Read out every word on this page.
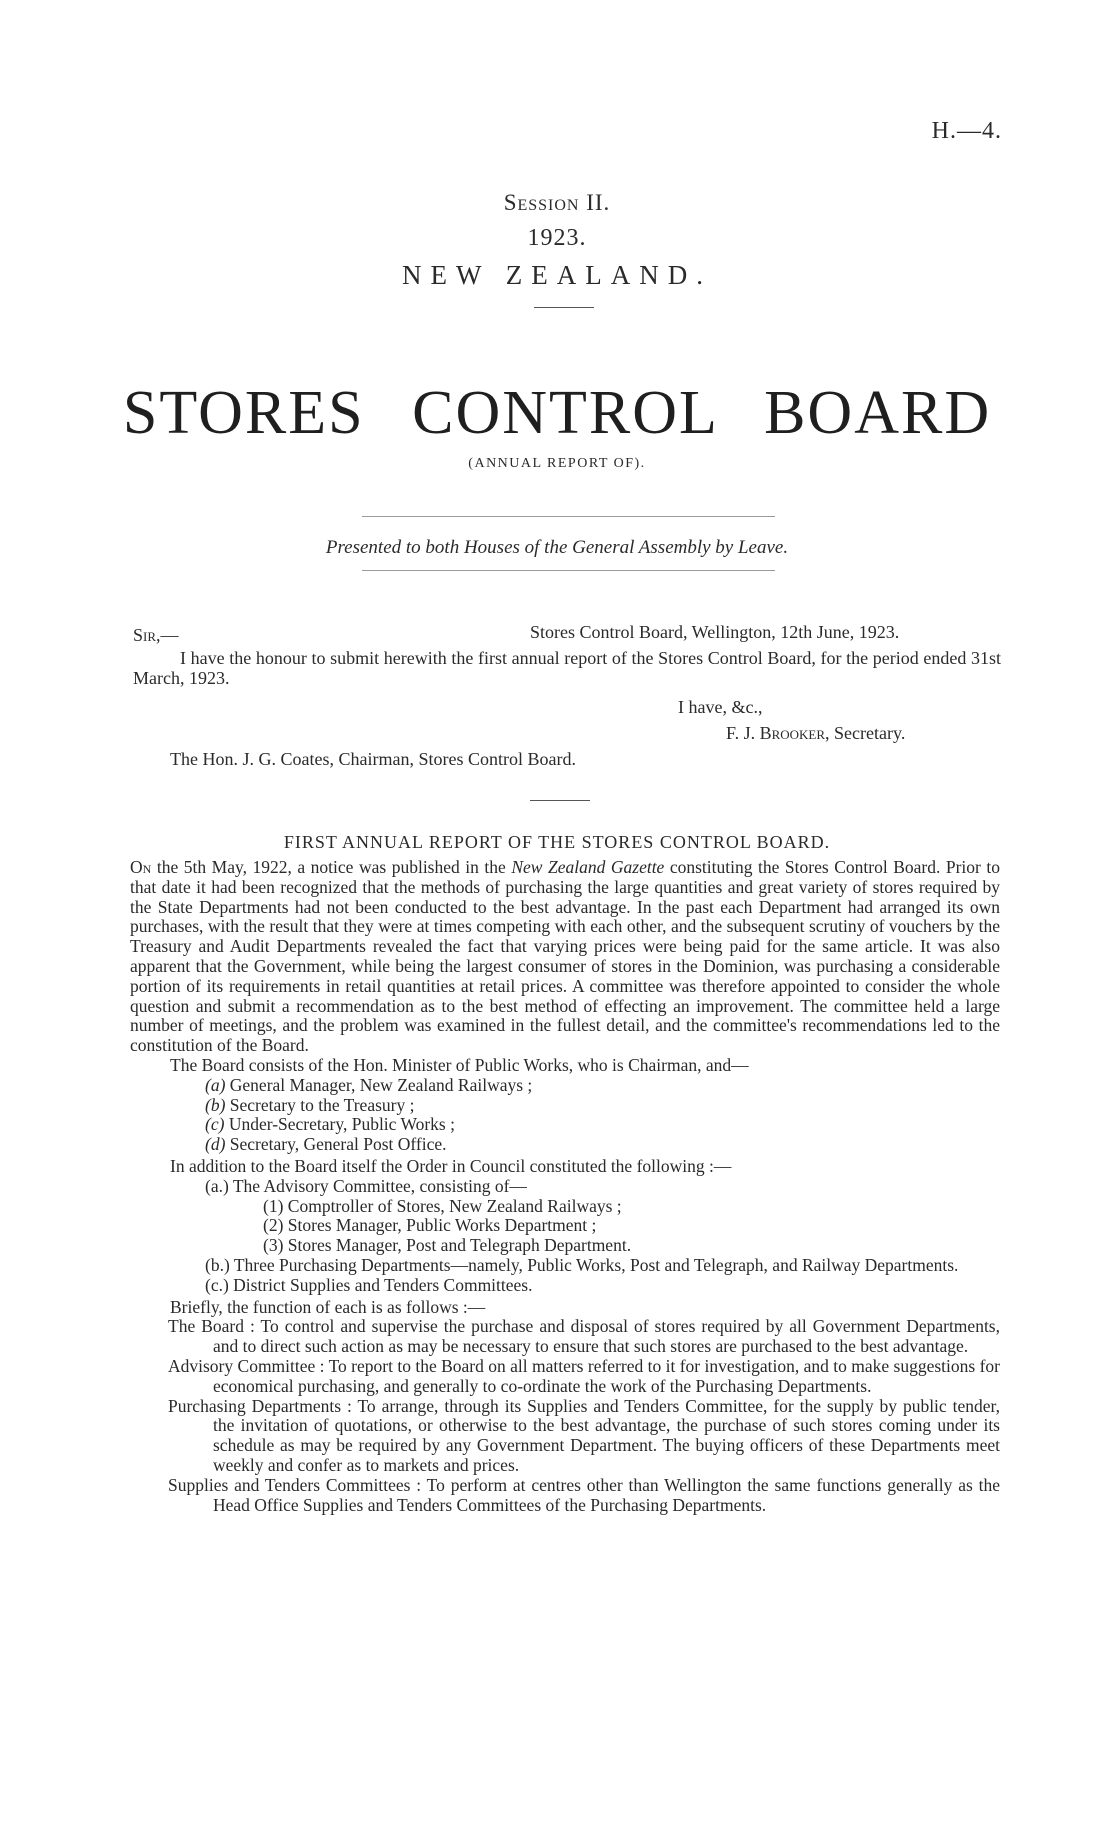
H.—4.
Session II.
1923.
NEW ZEALAND.
STORES CONTROL BOARD
(ANNUAL REPORT OF).
Presented to both Houses of the General Assembly by Leave.
Sir,—	Stores Control Board, Wellington, 12th June, 1923.

I have the honour to submit herewith the first annual report of the Stores Control Board, for the period ended 31st March, 1923.

I have, &c.,
F. J. Brooker, Secretary.
The Hon. J. G. Coates, Chairman, Stores Control Board.
FIRST ANNUAL REPORT OF THE STORES CONTROL BOARD.

On the 5th May, 1922, a notice was published in the New Zealand Gazette constituting the Stores Control Board. Prior to that date it had been recognized that the methods of purchasing the large quantities and great variety of stores required by the State Departments had not been conducted to the best advantage. In the past each Department had arranged its own purchases, with the result that they were at times competing with each other, and the subsequent scrutiny of vouchers by the Treasury and Audit Departments revealed the fact that varying prices were being paid for the same article. It was also apparent that the Government, while being the largest consumer of stores in the Dominion, was purchasing a considerable portion of its requirements in retail quantities at retail prices. A committee was therefore appointed to consider the whole question and submit a recommendation as to the best method of effecting an improvement. The committee held a large number of meetings, and the problem was examined in the fullest detail, and the committee's recommendations led to the constitution of the Board.

The Board consists of the Hon. Minister of Public Works, who is Chairman, and—

(a) General Manager, New Zealand Railways ;

(b) Secretary to the Treasury ;

(c) Under-Secretary, Public Works ;

(d) Secretary, General Post Office.

In addition to the Board itself the Order in Council constituted the following :—

(a.) The Advisory Committee, consisting of—

(1) Comptroller of Stores, New Zealand Railways ;

(2) Stores Manager, Public Works Department ;

(3) Stores Manager, Post and Telegraph Department.

(b.) Three Purchasing Departments—namely, Public Works, Post and Telegraph, and Railway Departments.

(c.) District Supplies and Tenders Committees.

Briefly, the function of each is as follows :—

The Board : To control and supervise the purchase and disposal of stores required by all Government Departments, and to direct such action as may be necessary to ensure that such stores are purchased to the best advantage.

Advisory Committee : To report to the Board on all matters referred to it for investigation, and to make suggestions for economical purchasing, and generally to co-ordinate the work of the Purchasing Departments.

Purchasing Departments : To arrange, through its Supplies and Tenders Committee, for the supply by public tender, the invitation of quotations, or otherwise to the best advantage, the purchase of such stores coming under its schedule as may be required by any Government Department. The buying officers of these Departments meet weekly and confer as to markets and prices.

Supplies and Tenders Committees : To perform at centres other than Wellington the same functions generally as the Head Office Supplies and Tenders Committees of the Purchasing Departments.
